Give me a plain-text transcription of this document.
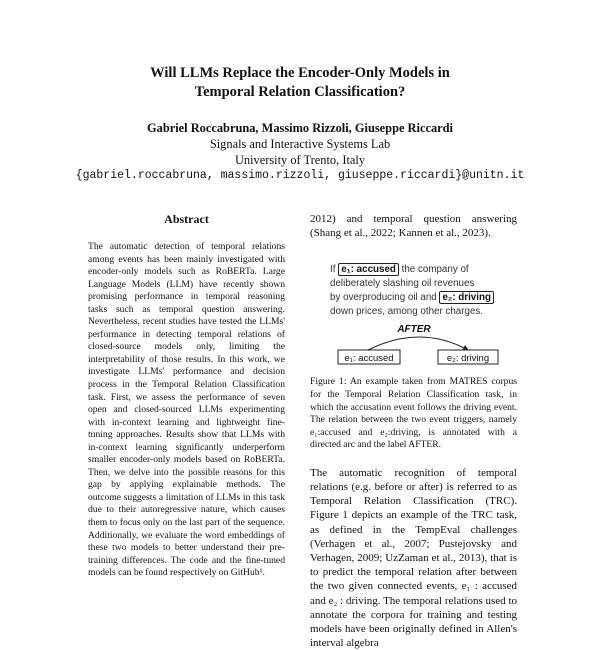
Will LLMs Replace the Encoder-Only Models in
Temporal Relation Classification?
Gabriel Roccabruna, Massimo Rizzoli, Giuseppe Riccardi
Signals and Interactive Systems Lab
University of Trento, Italy
{gabriel.roccabruna, massimo.rizzoli, giuseppe.riccardi}@unitn.it
Abstract
The automatic detection of temporal relations among events has been mainly investigated with encoder-only models such as RoBERTa. Large Language Models (LLM) have recently shown promising performance in temporal reasoning tasks such as temporal question answering. Nevertheless, recent studies have tested the LLMs' performance in detecting temporal relations of closed-source models only, limiting the interpretability of those results. In this work, we investigate LLMs' performance and decision process in the Temporal Relation Classification task. First, we assess the performance of seven open and closed-sourced LLMs experimenting with in-context learning and lightweight fine-tuning approaches. Results show that LLMs with in-context learning significantly underperform smaller encoder-only models based on RoBERTa. Then, we delve into the possible reasons for this gap by applying explainable methods. The outcome suggests a limitation of LLMs in this task due to their autoregressive nature, which causes them to focus only on the last part of the sequence. Additionally, we evaluate the word embeddings of these two models to better understand their pre-training differences. The code and the fine-tuned models can be found respectively on GitHub¹.
2012) and temporal question answering (Shang et al., 2022; Kannen et al., 2023).
If e₁: accused the company of
deliberately slashing oil revenues
by overproducing oil and e₂: driving
down prices, among other charges.
AFTER
e₁: accused	e₂: driving
Figure 1: An example taken from MATRES corpus for the Temporal Relation Classification task, in which the accusation event follows the driving event. The relation between the two event triggers, namely e₁:accused and e₂:driving, is annotated with a directed arc and the label AFTER.
The automatic recognition of temporal relations (e.g. before or after) is referred to as Temporal Relation Classification (TRC). Figure 1 depicts an example of the TRC task, as defined in the TempEval challenges (Verhagen et al., 2007; Pustejovsky and Verhagen, 2009; UzZaman et al., 2013), that is to predict the temporal relation after between the two given connected events, e₁ : accused and e₂ : driving. The temporal relations used to annotate the corpora for training and testing models have been originally defined in Allen's interval algebra
